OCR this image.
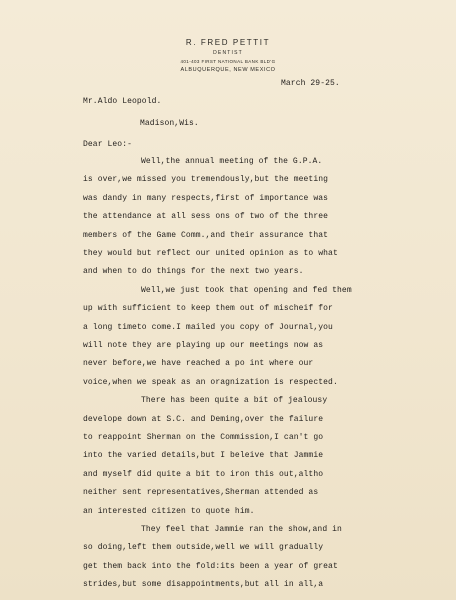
R. FRED PETTIT
DENTIST
401-403 FIRST NATIONAL BANK BLD'G
ALBUQUERQUE, NEW MEXICO
March 29-25.
Mr.Aldo Leopold.
Madison,Wis.
Dear Leo:-
Well,the annual meeting of the G.P.A.
is over,we missed you tremendously,but the meeting
was dandy in many respects,first of importance was
the attendance at all sess ons of two of the three
members of the Game Comm.,and their assurance that
they would but reflect our united opinion as to what
and when to do things for the next two years.
Well,we just took that opening and fed them
up with sufficient to keep them out of mischeif for
a long timeto come.I mailed you copy of Journal,you
will note they are playing up our meetings now as
never before,we have reached a po int where our
voice,when we speak as an oragnization is respected.
There has been quite a bit of jealousy
develope down at S.C. and Deming,over the failure
to reappoint Sherman on the Commission,I can't go
into the varied details,but I beleive that Jammie
and myself did quite a bit to iron this out,altho
neither sent representatives,Sherman attended as
an interested citizen to quote him.
They feel that Jammie ran the show,and in
so doing,left them outside,well we will gradually
get them back into the fold:its been a year of great
strides,but some disappointments,but all in all,a
